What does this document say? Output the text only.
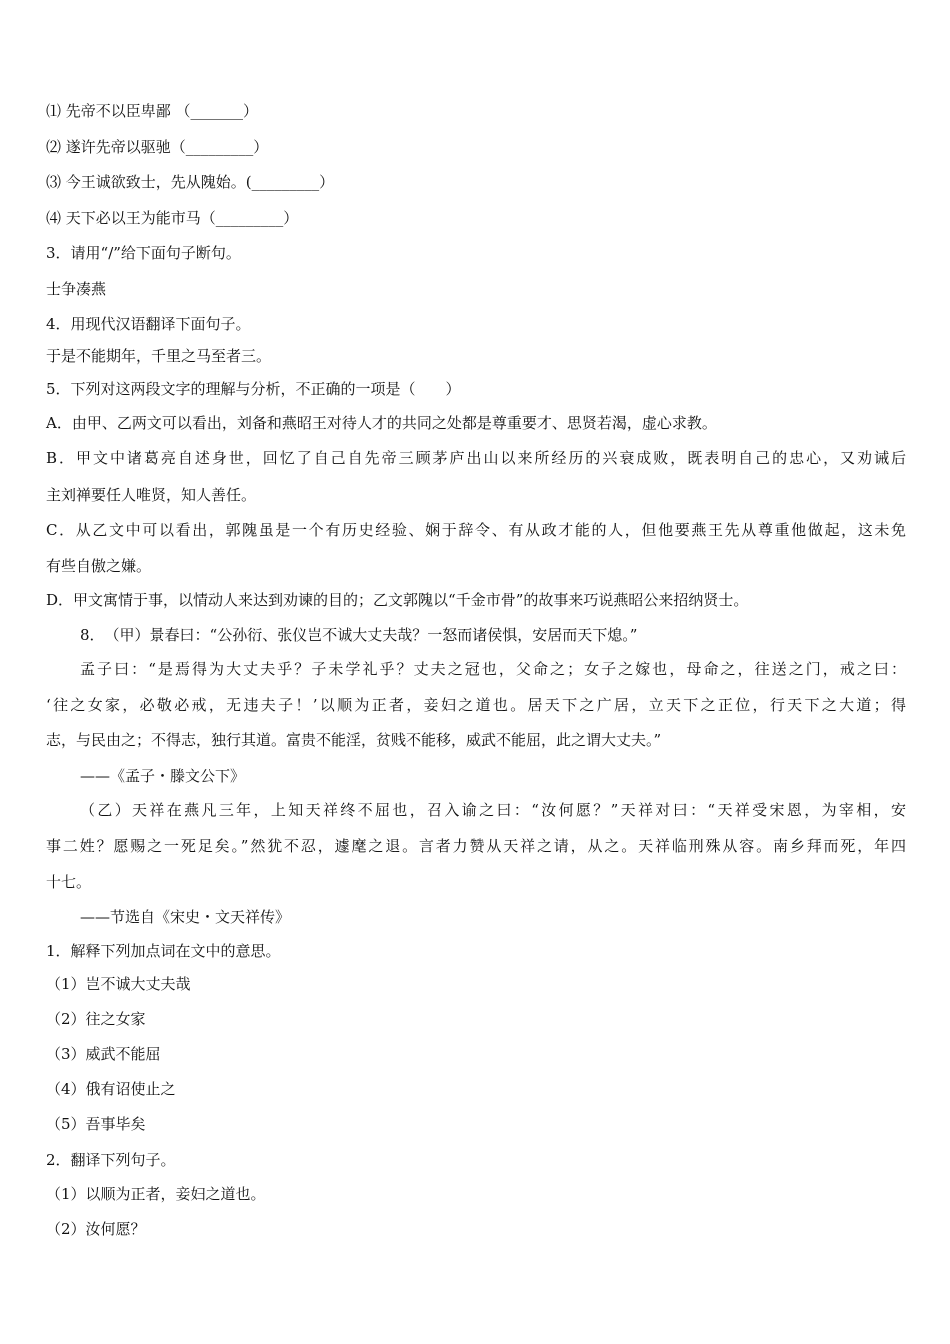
⑴ 先帝不以臣卑鄙 （_______）
⑵ 遂许先帝以驱驰（_________）
⑶ 今王诚欲致士，先从隗始。(_________）
⑷ 天下必以王为能市马（_________）
3．请用“/”给下面句子断句。
士争凑燕
4．用现代汉语翻译下面句子。
于是不能期年，千里之马至者三。
5．下列对这两段文字的理解与分析，不正确的一项是（　　）
A．由甲、乙两文可以看出，刘备和燕昭王对待人才的共同之处都是尊重要才、思贤若渴，虚心求教。
B．甲文中诸葛亮自述身世，回忆了自己自先帝三顾茅庐出山以来所经历的兴衰成败，既表明自己的忠心，又劝诫后
主刘禅要任人唯贤，知人善任。
C．从乙文中可以看出，郭隗虽是一个有历史经验、娴于辞令、有从政才能的人，但他要燕王先从尊重他做起，这未免
有些自傲之嫌。
D．甲文寓情于事，以情动人来达到劝谏的目的；乙文郭隗以“千金市骨”的故事来巧说燕昭公来招纳贤士。
8．　（甲）景春曰：“公孙衍、张仪岂不诚大丈夫哉？一怒而诸侯惧，安居而天下熄。”
孟子曰：“是焉得为大丈夫乎？子未学礼乎？丈夫之冠也，父命之；女子之嫁也，母命之，往送之门，戒之曰：
‘往之女家，必敬必戒，无违夫子！’以顺为正者，妾妇之道也。居天下之广居，立天下之正位，行天下之大道；得
志，与民由之；不得志，独行其道。富贵不能淫，贫贱不能移，威武不能屈，此之谓大丈夫。”
——《孟子・滕文公下》
（乙）天祥在燕凡三年，上知天祥终不屈也，召入谕之曰：“汝何愿？”天祥对曰：“天祥受宋恩，为宰相，安
事二姓？愿赐之一死足矣。”然犹不忍，遽麾之退。言者力赞从天祥之请，从之。天祥临刑殊从容。南乡拜而死，年四
十七。
——节选自《宋史・文天祥传》
1．解释下列加点词在文中的意思。
（1）岂不诚大丈夫哉
（2）往之女家
（3）威武不能屈
（4）俄有诏使止之
（5）吾事毕矣
2．翻译下列句子。
（1）以顺为正者，妾妇之道也。
（2）汝何愿？
